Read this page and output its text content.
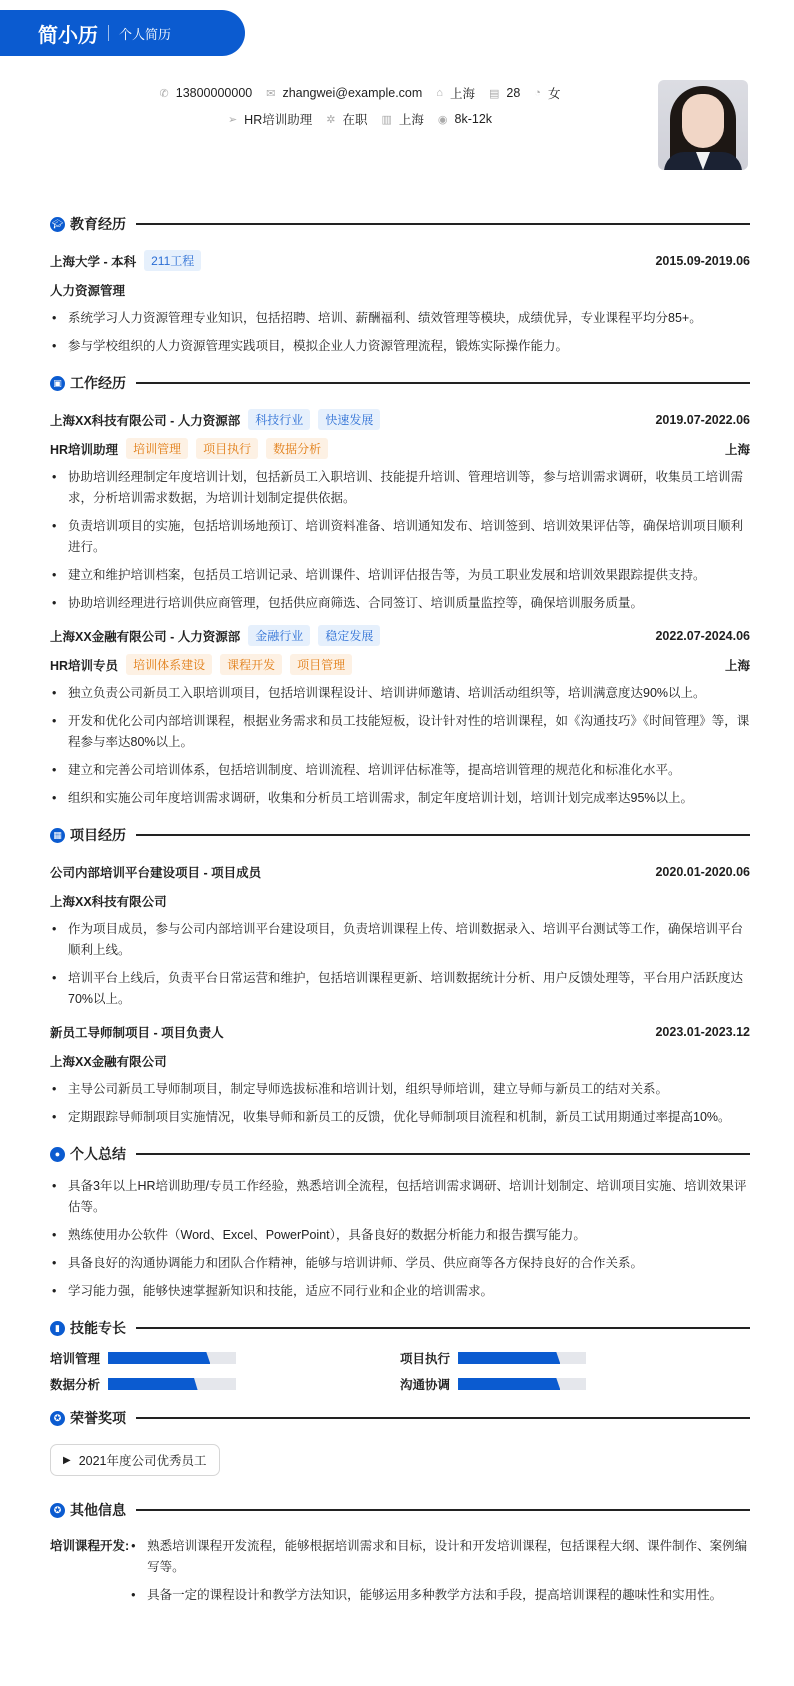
简小历 个人简历
✆ 13800000000 ✉ zhangwei@example.com ⌂ 上海 ▤ 28 ◔ 女
➢ HR培训助理 ✲ 在职 ▥ 上海 ◉ 8k-12k
🎓︎ 教育经历
上海大学 - 本科	211工程	2015.09-2019.06
人力资源管理
• 系统学习人力资源管理专业知识，包括招聘、培训、薪酬福利、绩效管理等模块，成绩优异，专业课程平均分85+。
• 参与学校组织的人力资源管理实践项目，模拟企业人力资源管理流程，锻炼实际操作能力。
▣ 工作经历
上海XX科技有限公司 - 人力资源部	科技行业	快速发展	2019.07-2022.06
HR培训助理	培训管理	项目执行	数据分析	上海
• 协助培训经理制定年度培训计划，包括新员工入职培训、技能提升培训、管理培训等，参与培训需求调研，收集员工培训需求，分析培训需求数据，为培训计划制定提供依据。
• 负责培训项目的实施，包括培训场地预订、培训资料准备、培训通知发布、培训签到、培训效果评估等，确保培训项目顺利进行。
• 建立和维护培训档案，包括员工培训记录、培训课件、培训评估报告等，为员工职业发展和培训效果跟踪提供支持。
• 协助培训经理进行培训供应商管理，包括供应商筛选、合同签订、培训质量监控等，确保培训服务质量。
上海XX金融有限公司 - 人力资源部	金融行业	稳定发展	2022.07-2024.06
HR培训专员	培训体系建设	课程开发	项目管理	上海
• 独立负责公司新员工入职培训项目，包括培训课程设计、培训讲师邀请、培训活动组织等，培训满意度达90%以上。
• 开发和优化公司内部培训课程，根据业务需求和员工技能短板，设计针对性的培训课程，如《沟通技巧》《时间管理》等，课程参与率达80%以上。
• 建立和完善公司培训体系，包括培训制度、培训流程、培训评估标准等，提高培训管理的规范化和标准化水平。
• 组织和实施公司年度培训需求调研，收集和分析员工培训需求，制定年度培训计划，培训计划完成率达95%以上。
▦ 项目经历
公司内部培训平台建设项目 - 项目成员	2020.01-2020.06
上海XX科技有限公司
• 作为项目成员，参与公司内部培训平台建设项目，负责培训课程上传、培训数据录入、培训平台测试等工作，确保培训平台顺利上线。
• 培训平台上线后，负责平台日常运营和维护，包括培训课程更新、培训数据统计分析、用户反馈处理等，平台用户活跃度达70%以上。
新员工导师制项目 - 项目负责人	2023.01-2023.12
上海XX金融有限公司
• 主导公司新员工导师制项目，制定导师选拔标准和培训计划，组织导师培训，建立导师与新员工的结对关系。
• 定期跟踪导师制项目实施情况，收集导师和新员工的反馈，优化导师制项目流程和机制，新员工试用期通过率提高10%。
● 个人总结
• 具备3年以上HR培训助理/专员工作经验，熟悉培训全流程，包括培训需求调研、培训计划制定、培训项目实施、培训效果评估等。
• 熟练使用办公软件（Word、Excel、PowerPoint），具备良好的数据分析能力和报告撰写能力。
• 具备良好的沟通协调能力和团队合作精神，能够与培训讲师、学员、供应商等各方保持良好的合作关系。
• 学习能力强，能够快速掌握新知识和技能，适应不同行业和企业的培训需求。
▮ 技能专长
培训管理	项目执行
数据分析	沟通协调
✪ 荣誉奖项
▶ 2021年度公司优秀员工
✪ 其他信息
培训课程开发:	• 熟悉培训课程开发流程，能够根据培训需求和目标，设计和开发培训课程，包括课程大纲、课件制作、案例编写等。
• 具备一定的课程设计和教学方法知识，能够运用多种教学方法和手段，提高培训课程的趣味性和实用性。
